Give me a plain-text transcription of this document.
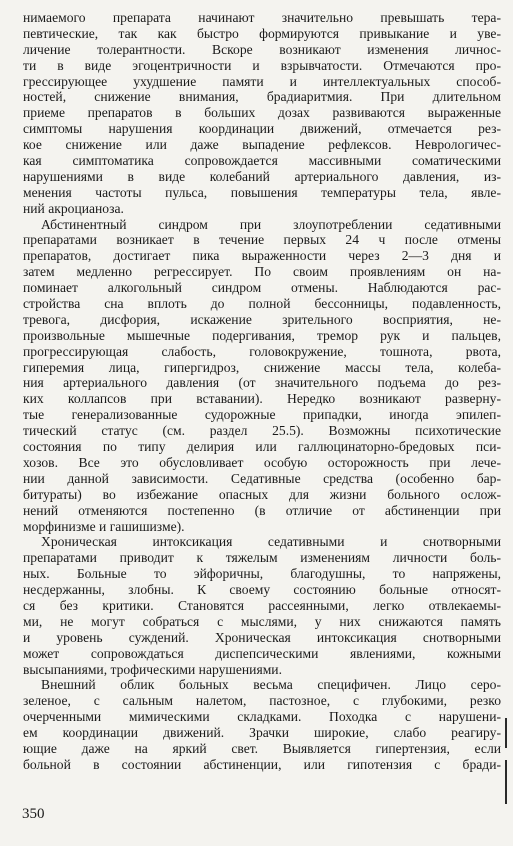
нимаемого препарата начинают значительно превышать тера-
певтические, так как быстро формируются привыкание и уве-
личение толерантности. Вскоре возникают изменения личнос-
ти в виде эгоцентричности и взрывчатости. Отмечаются про-
грессирующее ухудшение памяти и интеллектуальных способ-
ностей, снижение внимания, брадиаритмия. При длительном
приеме препаратов в больших дозах развиваются выраженные
симптомы нарушения координации движений, отмечается рез-
кое снижение или даже выпадение рефлексов. Неврологичес-
кая симптоматика сопровождается массивными соматическими
нарушениями в виде колебаний артериального давления, из-
менения частоты пульса, повышения температуры тела, явле-
ний акроцианоза.
Абстинентный синдром при злоупотреблении седативными
препаратами возникает в течение первых 24 ч после отмены
препаратов, достигает пика выраженности через 2—3 дня и
затем медленно регрессирует. По своим проявлениям он на-
поминает алкогольный синдром отмены. Наблюдаются рас-
стройства сна вплоть до полной бессонницы, подавленность,
тревога, дисфория, искажение зрительного восприятия, не-
произвольные мышечные подергивания, тремор рук и пальцев,
прогрессирующая слабость, головокружение, тошнота, рвота,
гиперемия лица, гипергидроз, снижение массы тела, колеба-
ния артериального давления (от значительного подъема до рез-
ких коллапсов при вставании). Нередко возникают разверну-
тые генерализованные судорожные припадки, иногда эпилеп-
тический статус (см. раздел 25.5). Возможны психотические
состояния по типу делирия или галлюцинаторно-бредовых пси-
хозов. Все это обусловливает особую осторожность при лече-
нии данной зависимости. Седативные средства (особенно бар-
битураты) во избежание опасных для жизни больного ослож-
нений отменяются постепенно (в отличие от абстиненции при
морфинизме и гашишизме).
Хроническая интоксикация седативными и снотворными
препаратами приводит к тяжелым изменениям личности боль-
ных. Больные то эйфоричны, благодушны, то напряжены,
несдержанны, злобны. К своему состоянию больные относят-
ся без критики. Становятся рассеянными, легко отвлекаемы-
ми, не могут собраться с мыслями, у них снижаются память
и уровень суждений. Хроническая интоксикация снотворными
может сопровождаться диспепсическими явлениями, кожными
высыпаниями, трофическими нарушениями.
Внешний облик больных весьма специфичен. Лицо серо-
зеленое, с сальным налетом, пастозное, с глубокими, резко
очерченными мимическими складками. Походка с нарушени-
ем координации движений. Зрачки широкие, слабо реагиру-
ющие даже на яркий свет. Выявляется гипертензия, если
больной в состоянии абстиненции, или гипотензия с бради-
350
